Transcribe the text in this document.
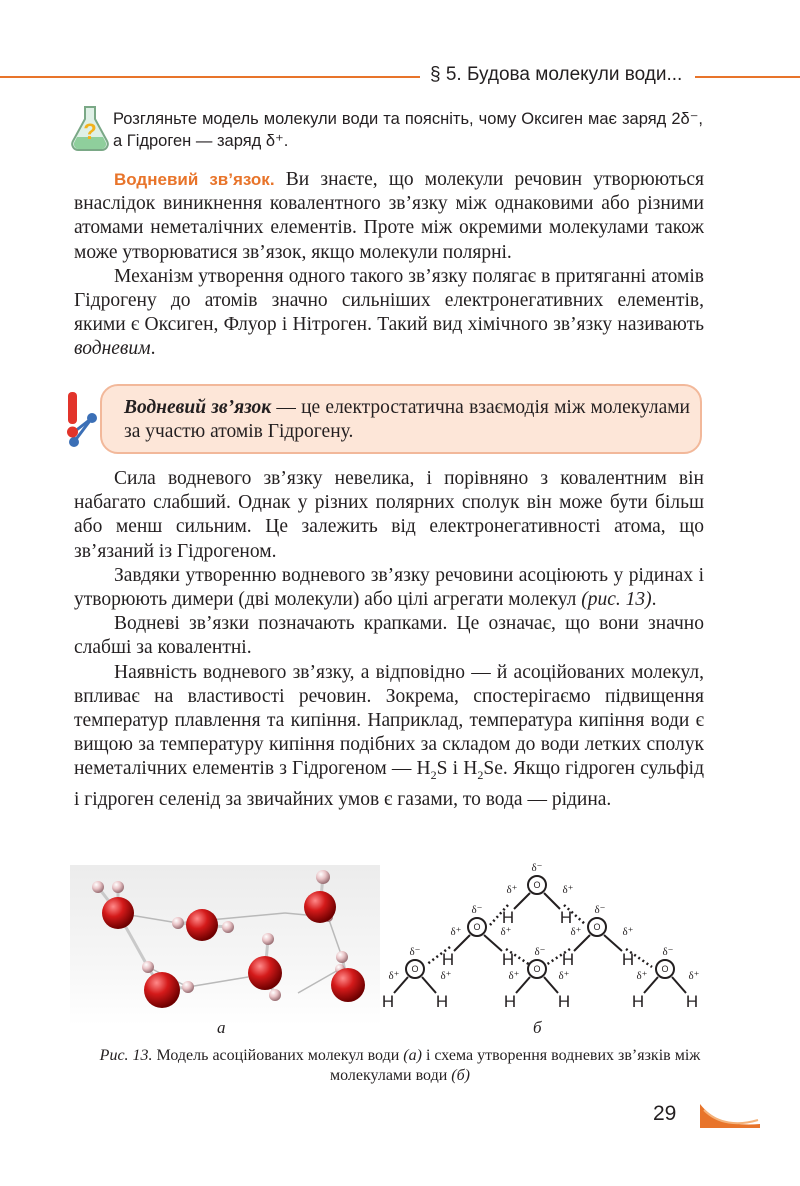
§ 5. Будова молекули води...
? Розгляньте модель молекули води та поясніть, чому Оксиген має заряд 2δ⁻, а Гідроген — заряд δ⁺.

Водневий зв’язок. Ви знаєте, що молекули речовин утворюються внаслідок виникнення ковалентного зв’язку між однаковими або різними атомами неметалічних елементів. Проте між окремими молекулами також може утворюватися зв’язок, якщо молекули полярні.

Механізм утворення одного такого зв’язку полягає в притяганні атомів Гідрогену до атомів значно сильніших електронегативних елементів, якими є Оксиген, Флуор і Нітроген. Такий вид хімічного зв’язку називають водневим.

Водневий зв’язок — це електростатична взаємодія між молекулами за участю атомів Гідрогену.

Сила водневого зв’язку невелика, і порівняно з ковалентним він набагато слабший. Однак у різних полярних сполук він може бути більш або менш сильним. Це залежить від електронегативності атома, що зв’язаний із Гідрогеном.

Завдяки утворенню водневого зв’язку речовини асоціюють у рідинах і утворюють димери (дві молекули) або цілі агрегати молекул (рис. 13).

Водневі зв’язки позначають крапками. Це означає, що вони значно слабші за ковалентні.

Наявність водневого зв’язку, а відповідно — й асоційованих молекул, впливає на властивості речовин. Зокрема, спостерігаємо підвищення температур плавлення та кипіння. Наприклад, температура кипіння води є вищою за температуру кипіння подібних за складом до води летких сполук неметалічних елементів з Гідрогеном — $H_2S$ і $H_2Se$. Якщо гідроген сульфід і гідроген селенід за звичайних умов є газами, то вода — рідина.

а
H	H
H	H	H	H
H H	H H	H H
δ⁻
δ⁻	δ⁻
δ⁻	δ⁻	δ⁻
δ⁺	δ⁺
δ⁺	δ⁺	δ⁺	δ⁺
δ⁺	δ⁺	δ⁺	δ⁺	δ⁺	δ⁺
O
O	O
O	O	O
б
Рис. 13. Модель асоційованих молекул води (а) і схема утворення водневих зв’язків між молекулами води (б)
29
